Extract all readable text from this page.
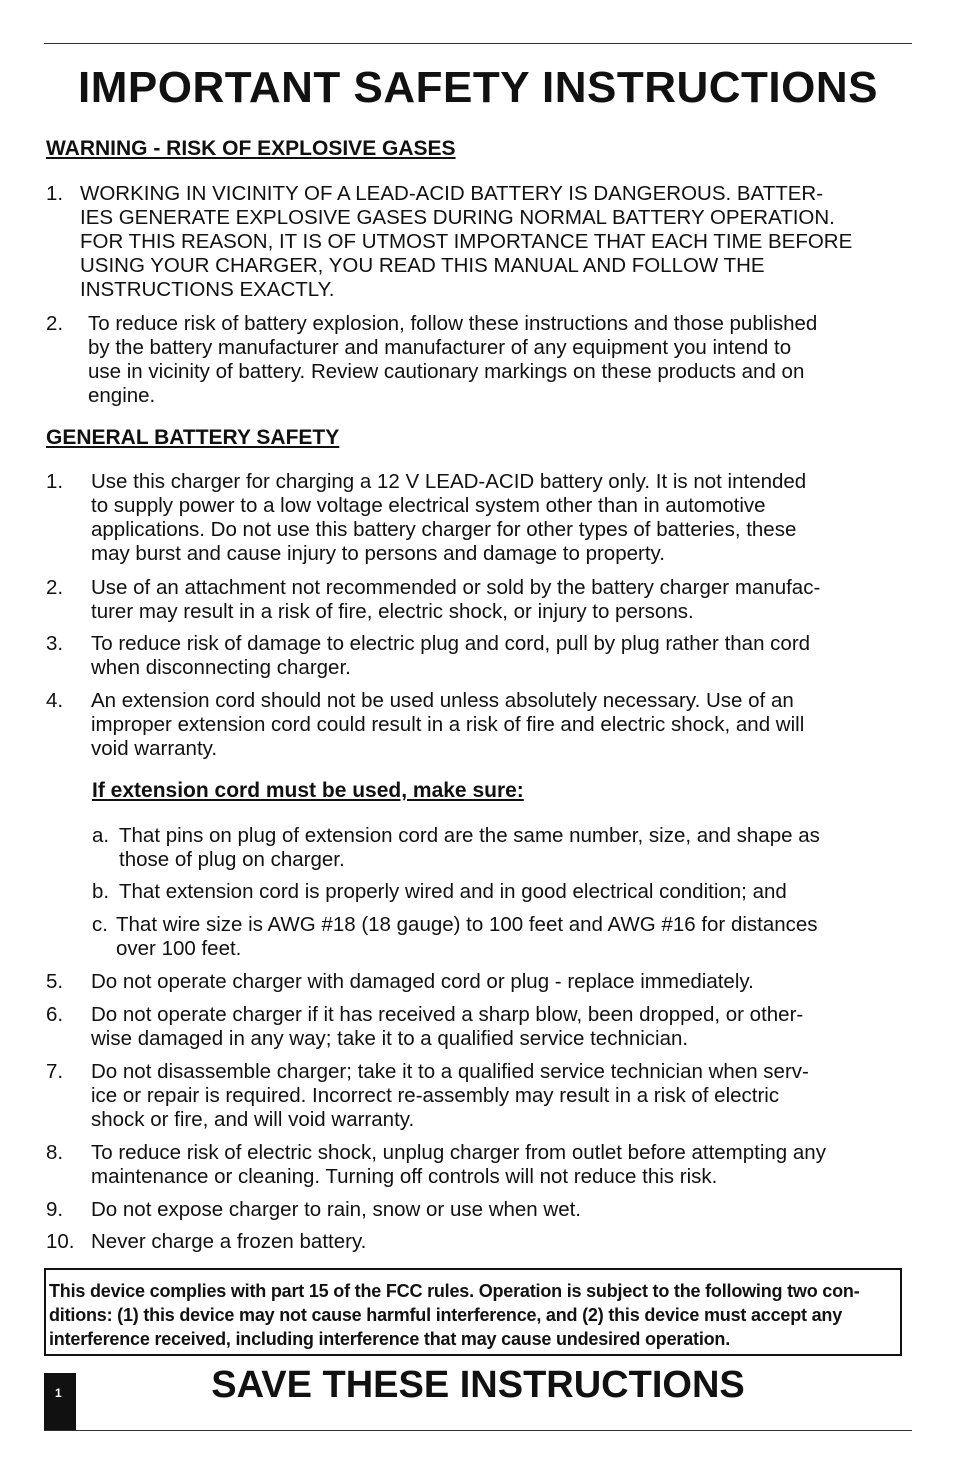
IMPORTANT SAFETY INSTRUCTIONS
WARNING - RISK OF EXPLOSIVE GASES
1. WORKING IN VICINITY OF A LEAD-ACID BATTERY IS DANGEROUS. BATTER-
IES GENERATE EXPLOSIVE GASES DURING NORMAL BATTERY OPERATION.
FOR THIS REASON, IT IS OF UTMOST IMPORTANCE THAT EACH TIME BEFORE
USING YOUR CHARGER, YOU READ THIS MANUAL AND FOLLOW THE
INSTRUCTIONS EXACTLY.
2. To reduce risk of battery explosion, follow these instructions and those published
by the battery manufacturer and manufacturer of any equipment you intend to
use in vicinity of battery. Review cautionary markings on these products and on
engine.
GENERAL BATTERY SAFETY
1. Use this charger for charging a 12 V LEAD-ACID battery only. It is not intended
to supply power to a low voltage electrical system other than in automotive
applications. Do not use this battery charger for other types of batteries, these
may burst and cause injury to persons and damage to property.
2. Use of an attachment not recommended or sold by the battery charger manufac-
turer may result in a risk of fire, electric shock, or injury to persons.
3. To reduce risk of damage to electric plug and cord, pull by plug rather than cord
when disconnecting charger.
4. An extension cord should not be used unless absolutely necessary. Use of an
improper extension cord could result in a risk of fire and electric shock, and will
void warranty.
If extension cord must be used, make sure:
a. That pins on plug of extension cord are the same number, size, and shape as
those of plug on charger.
b. That extension cord is properly wired and in good electrical condition; and
c. That wire size is AWG #18 (18 gauge) to 100 feet and AWG #16 for distances
over 100 feet.
5. Do not operate charger with damaged cord or plug - replace immediately.
6. Do not operate charger if it has received a sharp blow, been dropped, or other-
wise damaged in any way; take it to a qualified service technician.
7. Do not disassemble charger; take it to a qualified service technician when serv-
ice or repair is required. Incorrect re-assembly may result in a risk of electric
shock or fire, and will void warranty.
8. To reduce risk of electric shock, unplug charger from outlet before attempting any
maintenance or cleaning. Turning off controls will not reduce this risk.
9. Do not expose charger to rain, snow or use when wet.
10. Never charge a frozen battery.
This device complies with part 15 of the FCC rules. Operation is subject to the following two con-
ditions: (1) this device may not cause harmful interference, and (2) this device must accept any
interference received, including interference that may cause undesired operation.
1	SAVE THESE INSTRUCTIONS
